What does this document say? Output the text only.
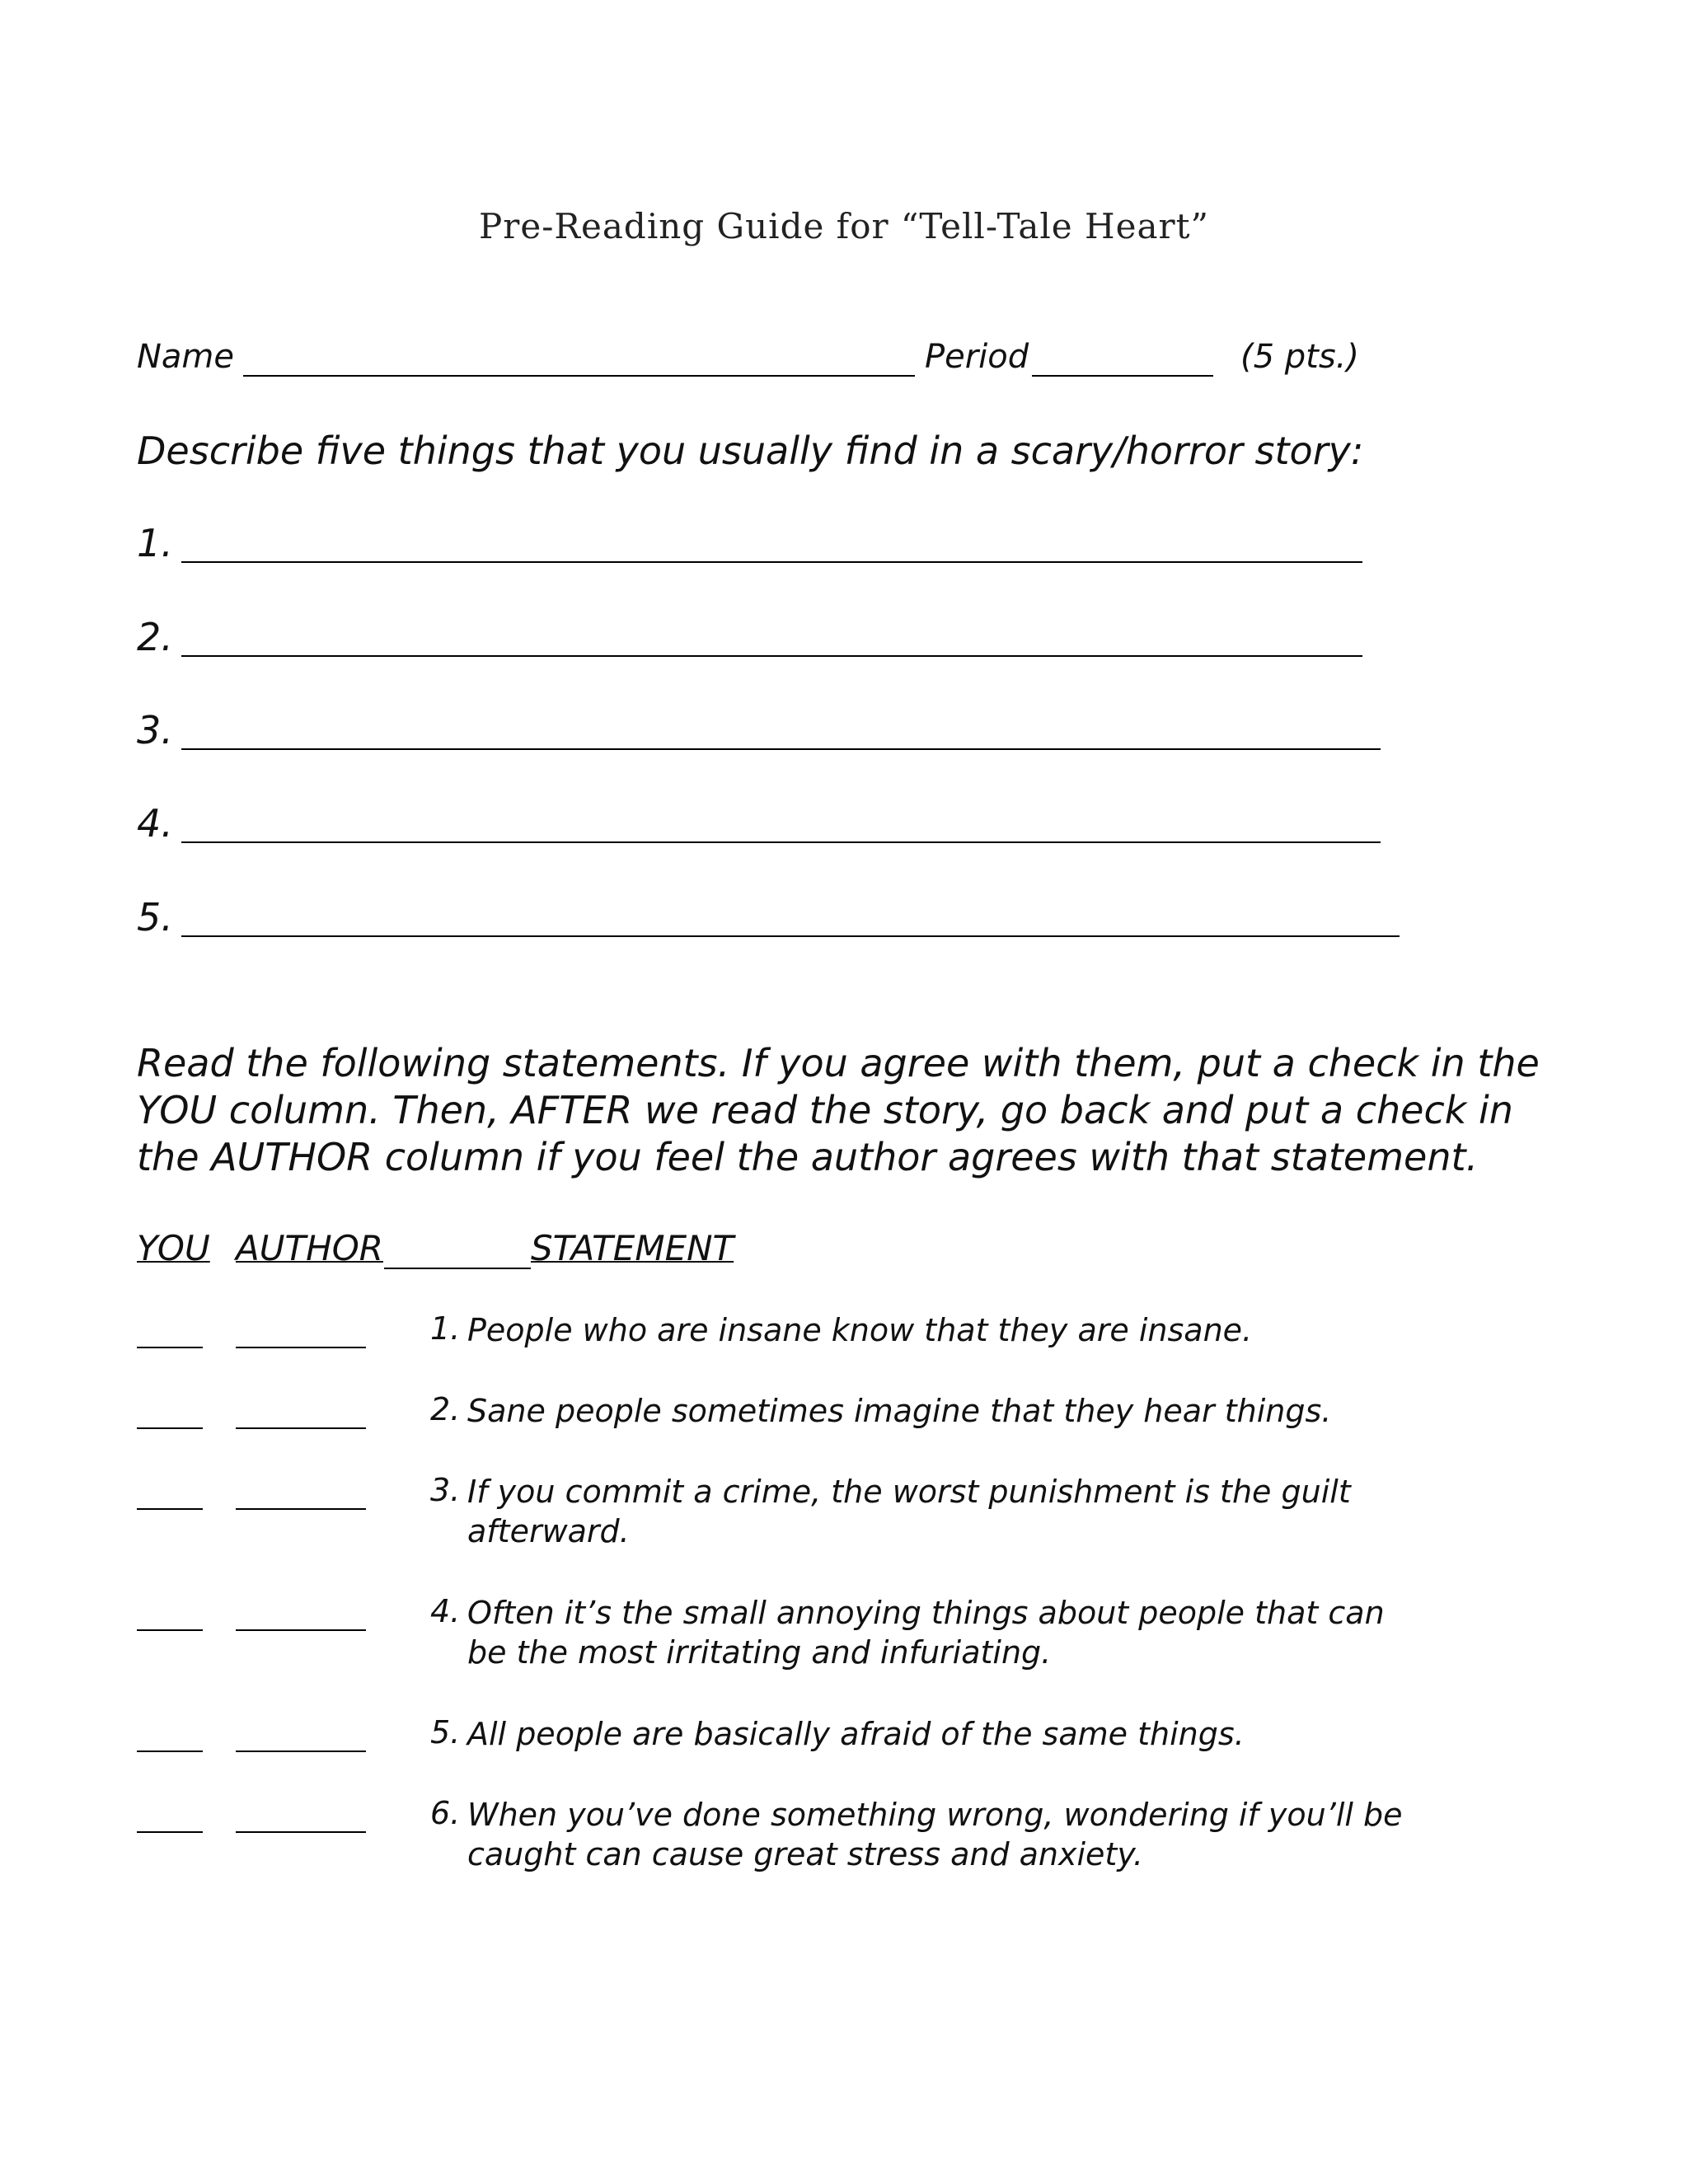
Pre-Reading Guide for “Tell-Tale Heart”
Name	Period	(5 pts.)
Describe five things that you usually find in a scary/horror story:
1.
2.
3.
4.
5.
Read the following statements. If you agree with them, put a check in the YOU column. Then, AFTER we read the story, go back and put a check in the AUTHOR column if you feel the author agrees with that statement.
YOU AUTHOR	STATEMENT
1. People who are insane know that they are insane.
2. Sane people sometimes imagine that they hear things.
3. If you commit a crime, the worst punishment is the guilt afterward.
4. Often it’s the small annoying things about people that can be the most irritating and infuriating.
5. All people are basically afraid of the same things.
6. When you’ve done something wrong, wondering if you’ll be caught can cause great stress and anxiety.
